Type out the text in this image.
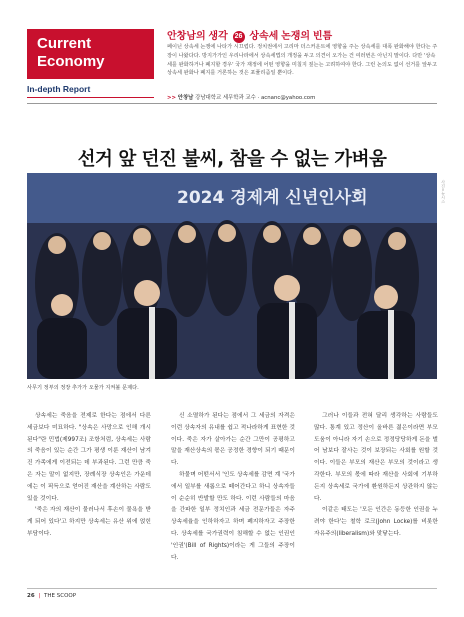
Current
Economy
In-depth Report
안창남의 생각 26 상속세 논쟁의 빈틈
페이닌 상속세 논쟁에 나타가 시끄럽다. 정치권에서 고리마 더스커운트에 영향을 주는 상속세를 대폭 완화해야 한다는 주장이 나왔다다. 방지가가인 우리나라에서 상속세법의 개정을 두고 의견이 오가는 건 여러번은 아닌지 말이다. 다만 '상속세를 완화하거나 폐지할 경우' 국가 재정에 어떤 영향을 미칠지 짚는는 고려하여야 한다. 그런 논의도 없이 선거를 앞두고 상속세 완화나 폐지를 거론하는 것은 포퓰리즘일 뿐이다.
>> 안창남 강남대학교 세무학과 교수 · acnanc@yahoo.com
선거 앞 던진 불씨, 참을 수 없는 가벼움
2024 경제계 신년인사회	사진=뉴시스
사무기 정부의 정장 추가가 오물가 지켜볼 문제다.

상속세는 죽음을 전제로 한다는 점에서 다른 세금보다 미묘하다. "상속은 사망으로 인해 개시된다"란 민법(제997조) 조항처럼, 상속세는 사람의 죽음이 있는 순간 그가 평생 이룬 재산이 남겨진 가족에게 이전되는 데 부과된다. 그런 만큼 죽은 자는 말이 없지만, 장례식장 상속인은 가운데에는 이 픽득으로 얻어진 재산을 계산하는 사람도 있을 것이다.

'죽은 자의 재산이 물러나서 후손이 물욕을 받게 되어 있다'고 하지만 상속세는 유산 위에 얹힌 부담이다.

신 소멸하가 된다는 점에서 그 세금의 자격은 이런 상속자의 유내를 쉽고 적나라하게 표현한 것이다. 죽은 자가 살아가는 순간 그만이 공평하고 말을 재산상속의 몫은 공정한 경향이 되기 때문이다.

하물며 어떤서서 '인도 상속세를 감면 계 '국가에서 일부를 새롭으로 떼어간다고 하니 상속자들이 순순히 반발할 만도 하다. 이런 사람들의 마음을 간파한 일부 정치인과 세금 전문가들은 자주 상속세율을 인하하자고 하며 폐지하자고 주장한다. 상속세를 국가권력이 침해할 수 없는 인권인 '인권'(Bill of Rights)이라는 게 그들의 주장이다.

그러나 이들과 전혀 달리 생각하는 사람들도 많다. 통계 있고 정산이 올바른 젊은이라면 부모 도움이 아니라 자기 손으로 정정당당하게 돈을 벌어 남보다 잘사는 것이 보장되는 사회를 원할 것이다. 이들은 부모의 재산은 부모의 것이라고 생각한다. 부모의 몫에 따라 재산을 사회에 기부하든지 상속세로 국가에 환원하든지 상관하지 않는다.

이같은 태도는 '모든 인간은 동등한 인권을 누려야 한다'는 철학 로크(John Locke)를 비롯한 자유주의(liberalism)와 맞닿는다.

26 | THE SCOOP
